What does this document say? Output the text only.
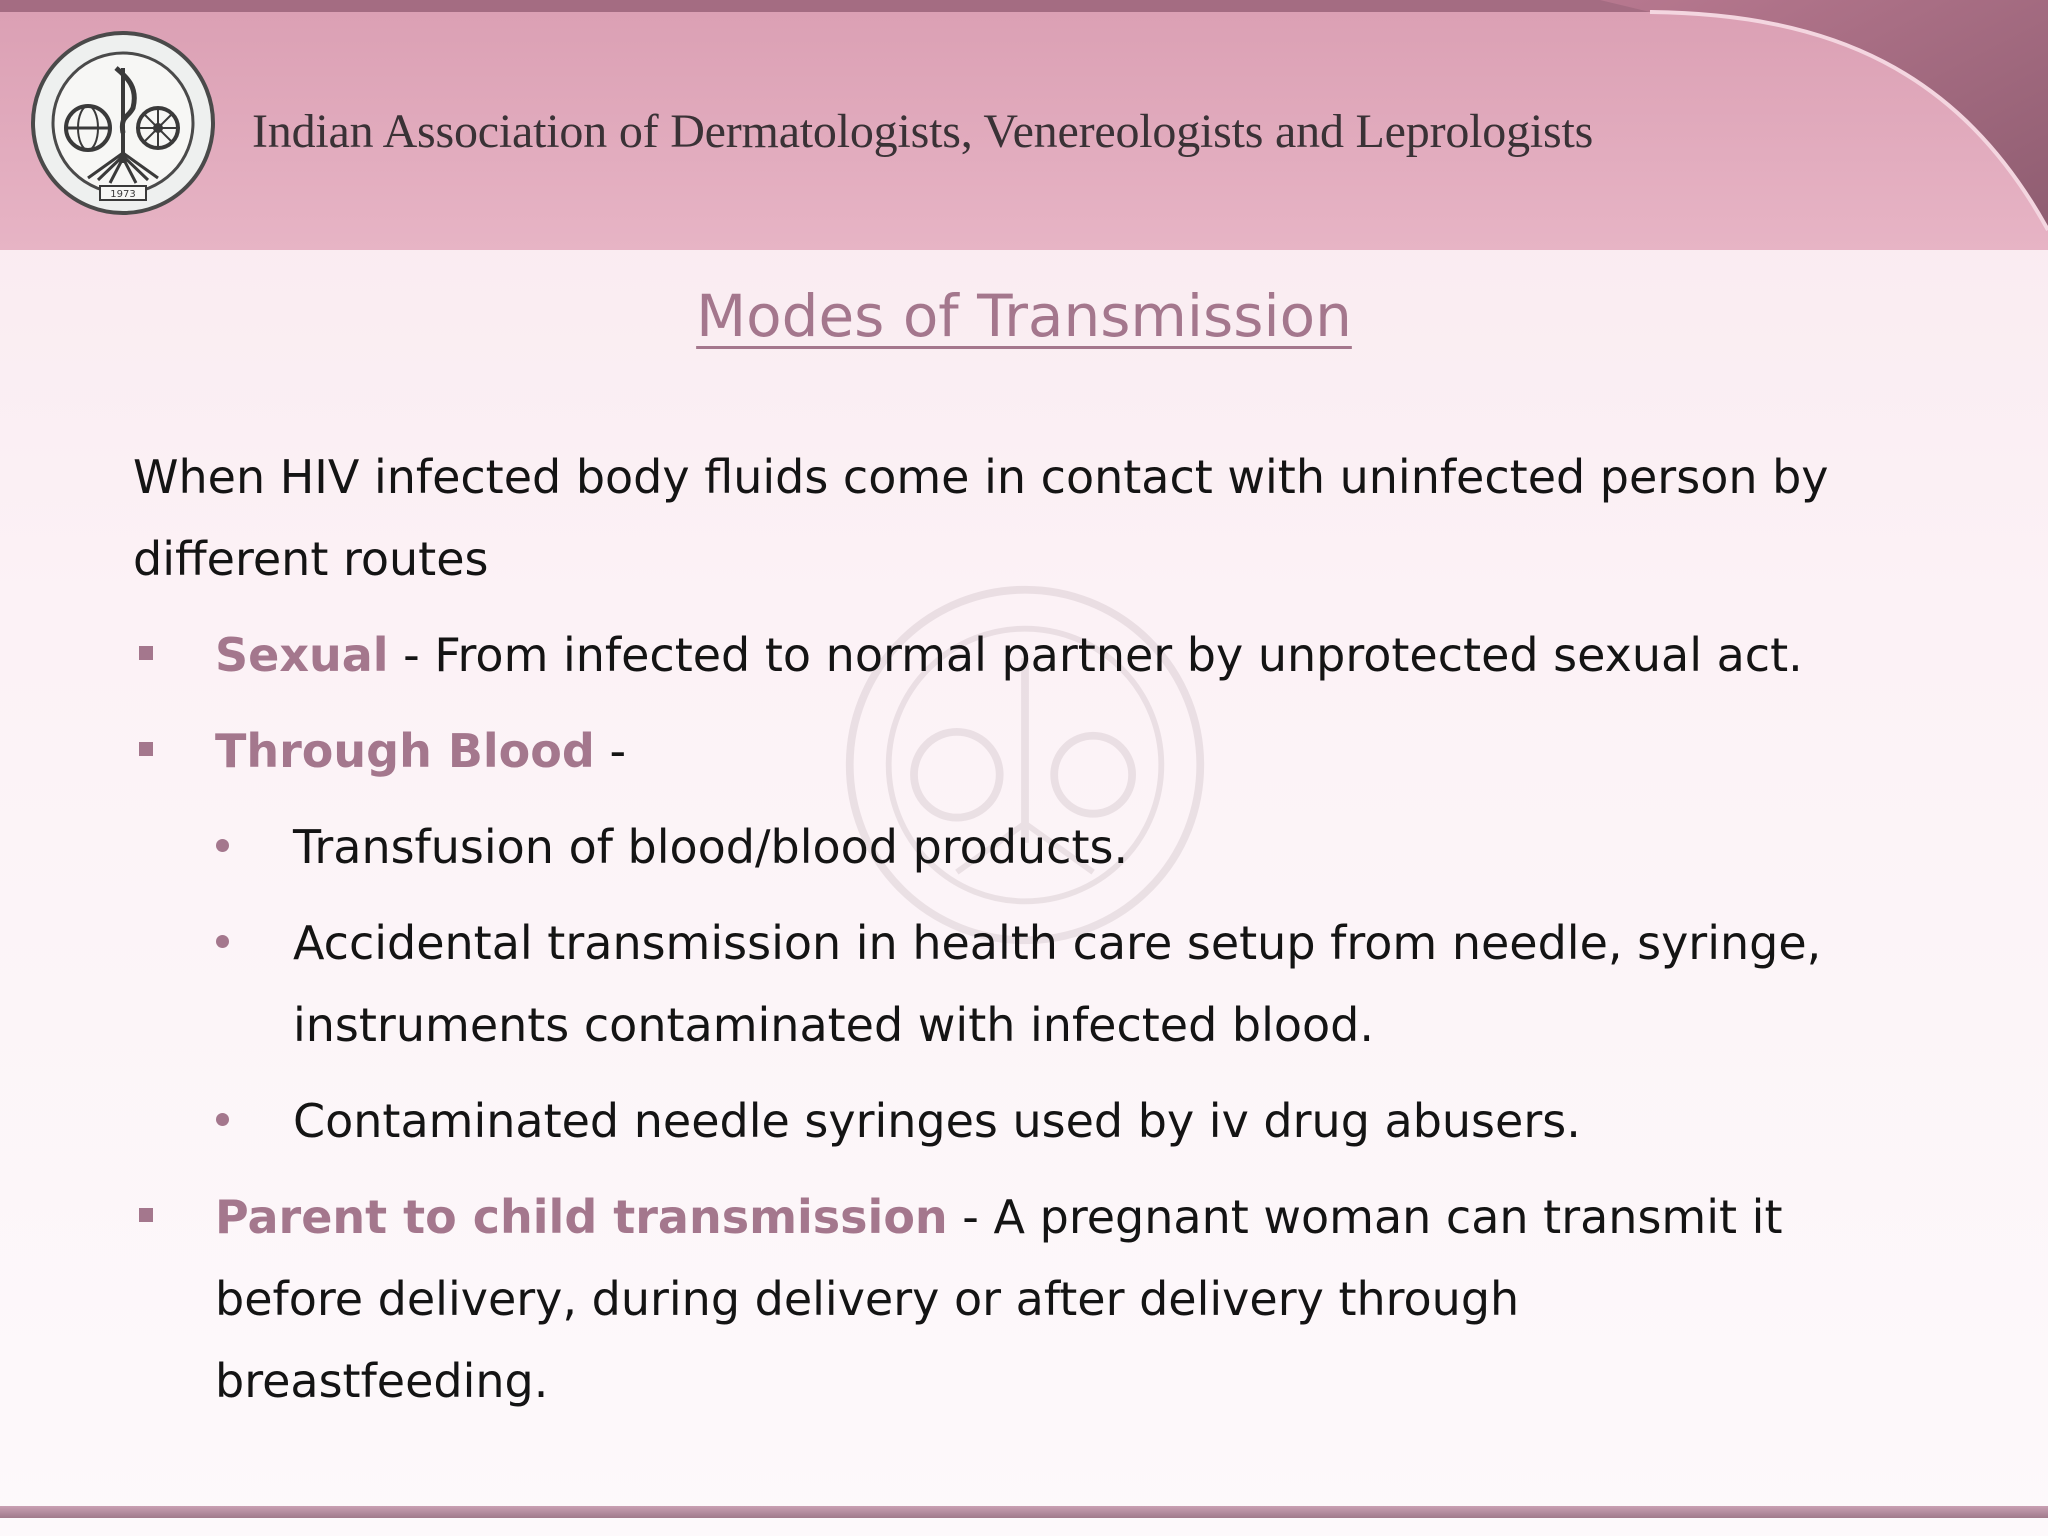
1973
Indian Association of Dermatologists, Venereologists and Leprologists
Modes of Transmission
When HIV infected body fluids come in contact with uninfected person by different routes
Sexual - From infected to normal partner by unprotected sexual act.
Through Blood -
Transfusion of blood/blood products.
Accidental transmission in health care setup from needle, syringe, instruments contaminated with infected blood.
Contaminated needle syringes used by iv drug abusers.
Parent to child transmission - A pregnant woman can transmit it before delivery, during delivery or after delivery through breastfeeding.
